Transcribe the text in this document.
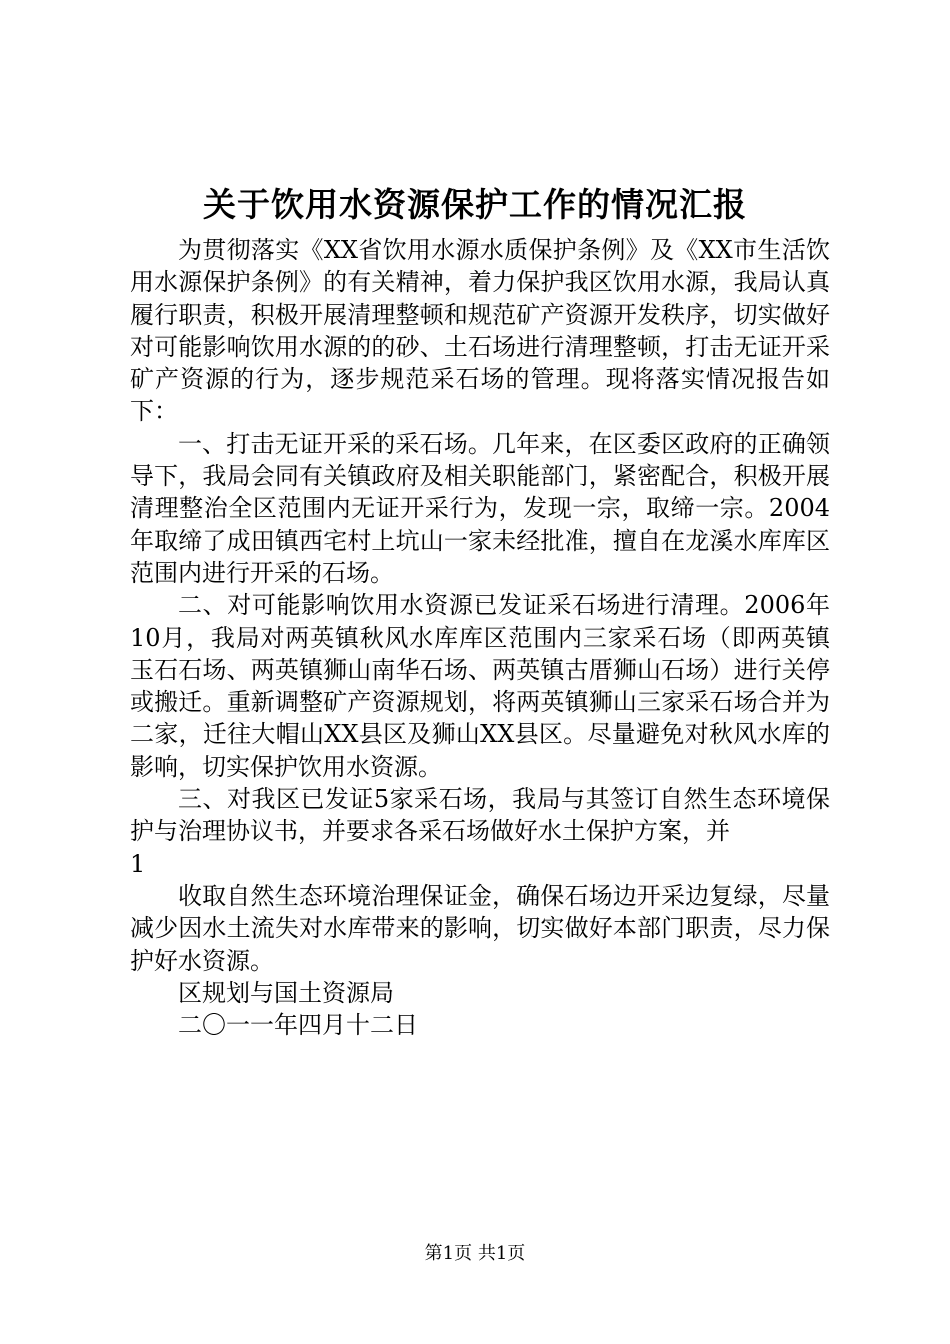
关于饮用水资源保护工作的情况汇报

为贯彻落实《XX省饮用水源水质保护条例》及《XX市生活饮用水源保护条例》的有关精神，着力保护我区饮用水源，我局认真履行职责，积极开展清理整顿和规范矿产资源开发秩序，切实做好对可能影响饮用水源的的砂、土石场进行清理整顿，打击无证开采矿产资源的行为，逐步规范采石场的管理。现将落实情况报告如下：

一、打击无证开采的采石场。几年来，在区委区政府的正确领导下，我局会同有关镇政府及相关职能部门，紧密配合，积极开展清理整治全区范围内无证开采行为，发现一宗，取缔一宗。2004年取缔了成田镇西宅村上坑山一家未经批准，擅自在龙溪水库库区范围内进行开采的石场。

二、对可能影响饮用水资源已发证采石场进行清理。2006年10月，我局对两英镇秋风水库库区范围内三家采石场（即两英镇玉石石场、两英镇狮山南华石场、两英镇古厝狮山石场）进行关停或搬迁。重新调整矿产资源规划，将两英镇狮山三家采石场合并为二家，迁往大帽山XX县区及狮山XX县区。尽量避免对秋风水库的影响，切实保护饮用水资源。

三、对我区已发证5家采石场，我局与其签订自然生态环境保护与治理协议书，并要求各采石场做好水土保护方案，并

1

收取自然生态环境治理保证金，确保石场边开采边复绿，尽量减少因水土流失对水库带来的影响，切实做好本部门职责，尽力保护好水资源。

区规划与国土资源局

二〇一一年四月十二日

第1页 共1页
